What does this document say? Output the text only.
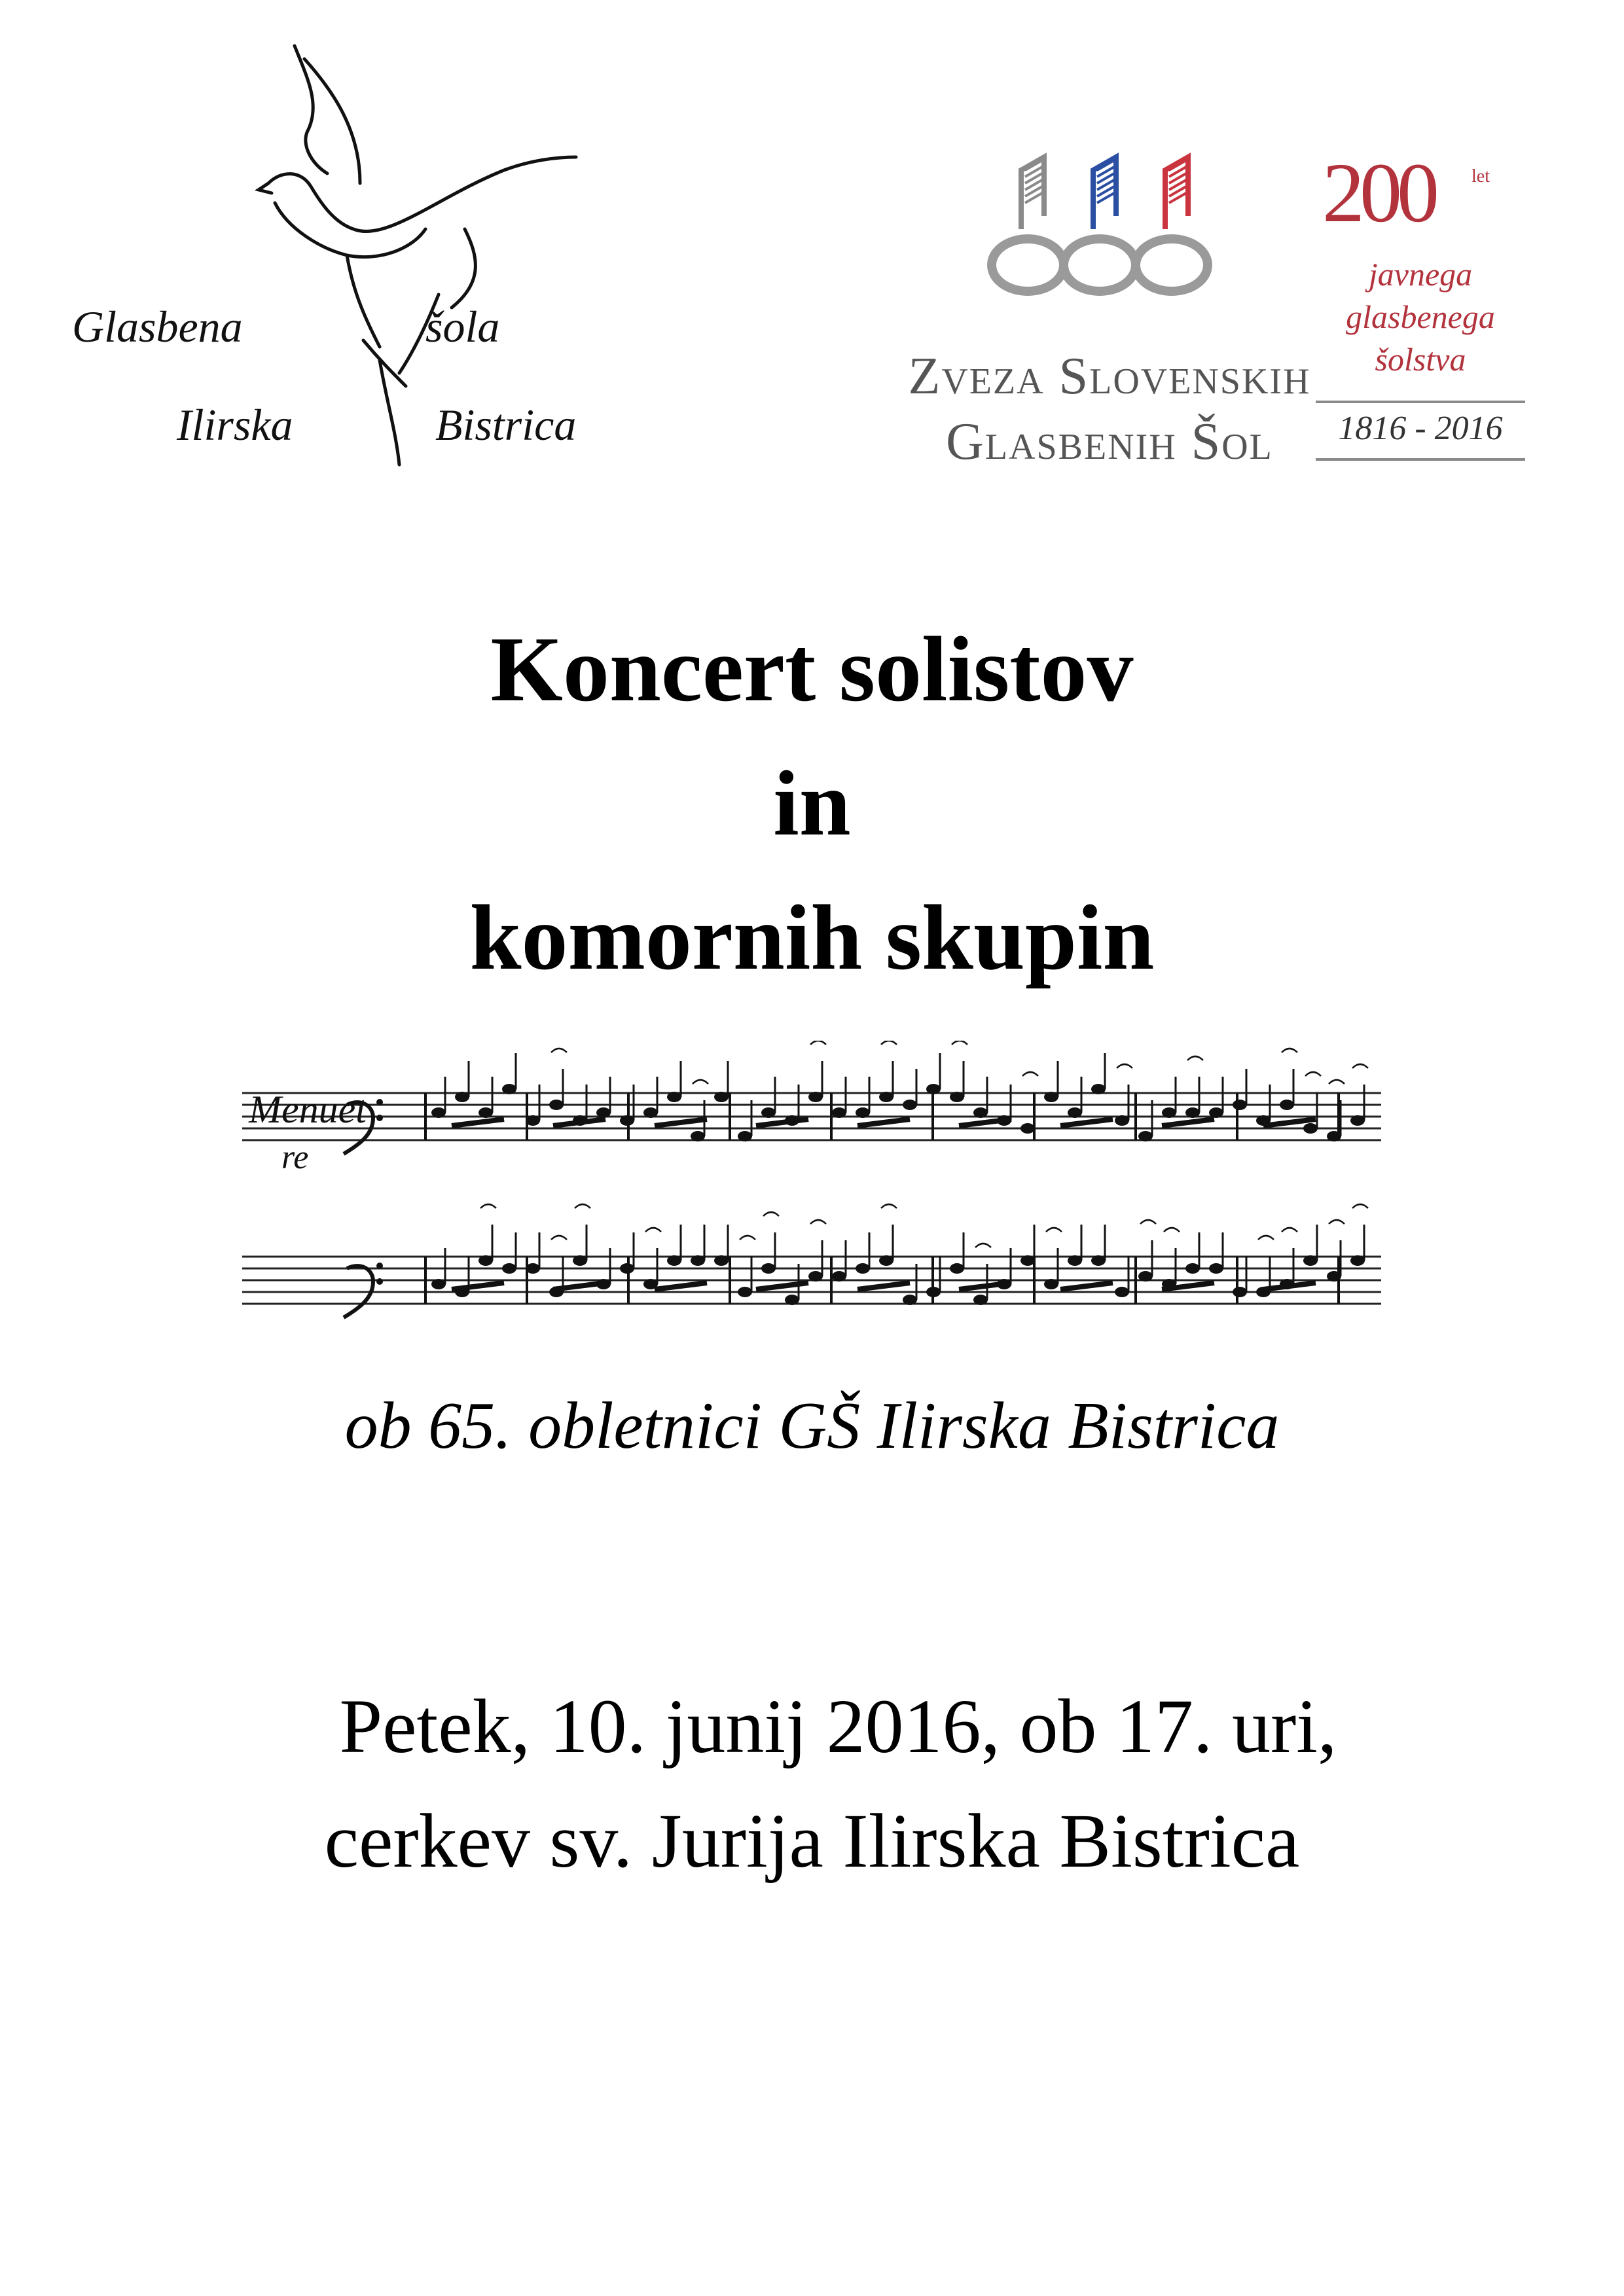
Glasbena	šola
Ilirska	Bistrica
Zveza Slovenskih
Glasbenih Šol
200 let
javnega
glasbenega
šolstva
1816 - 2016
Koncert solistov
in
komornih skupin
Menuet
re
ob 65. obletnici GŠ Ilirska Bistrica
Petek, 10. junij 2016, ob 17. uri,
cerkev sv. Jurija Ilirska Bistrica
